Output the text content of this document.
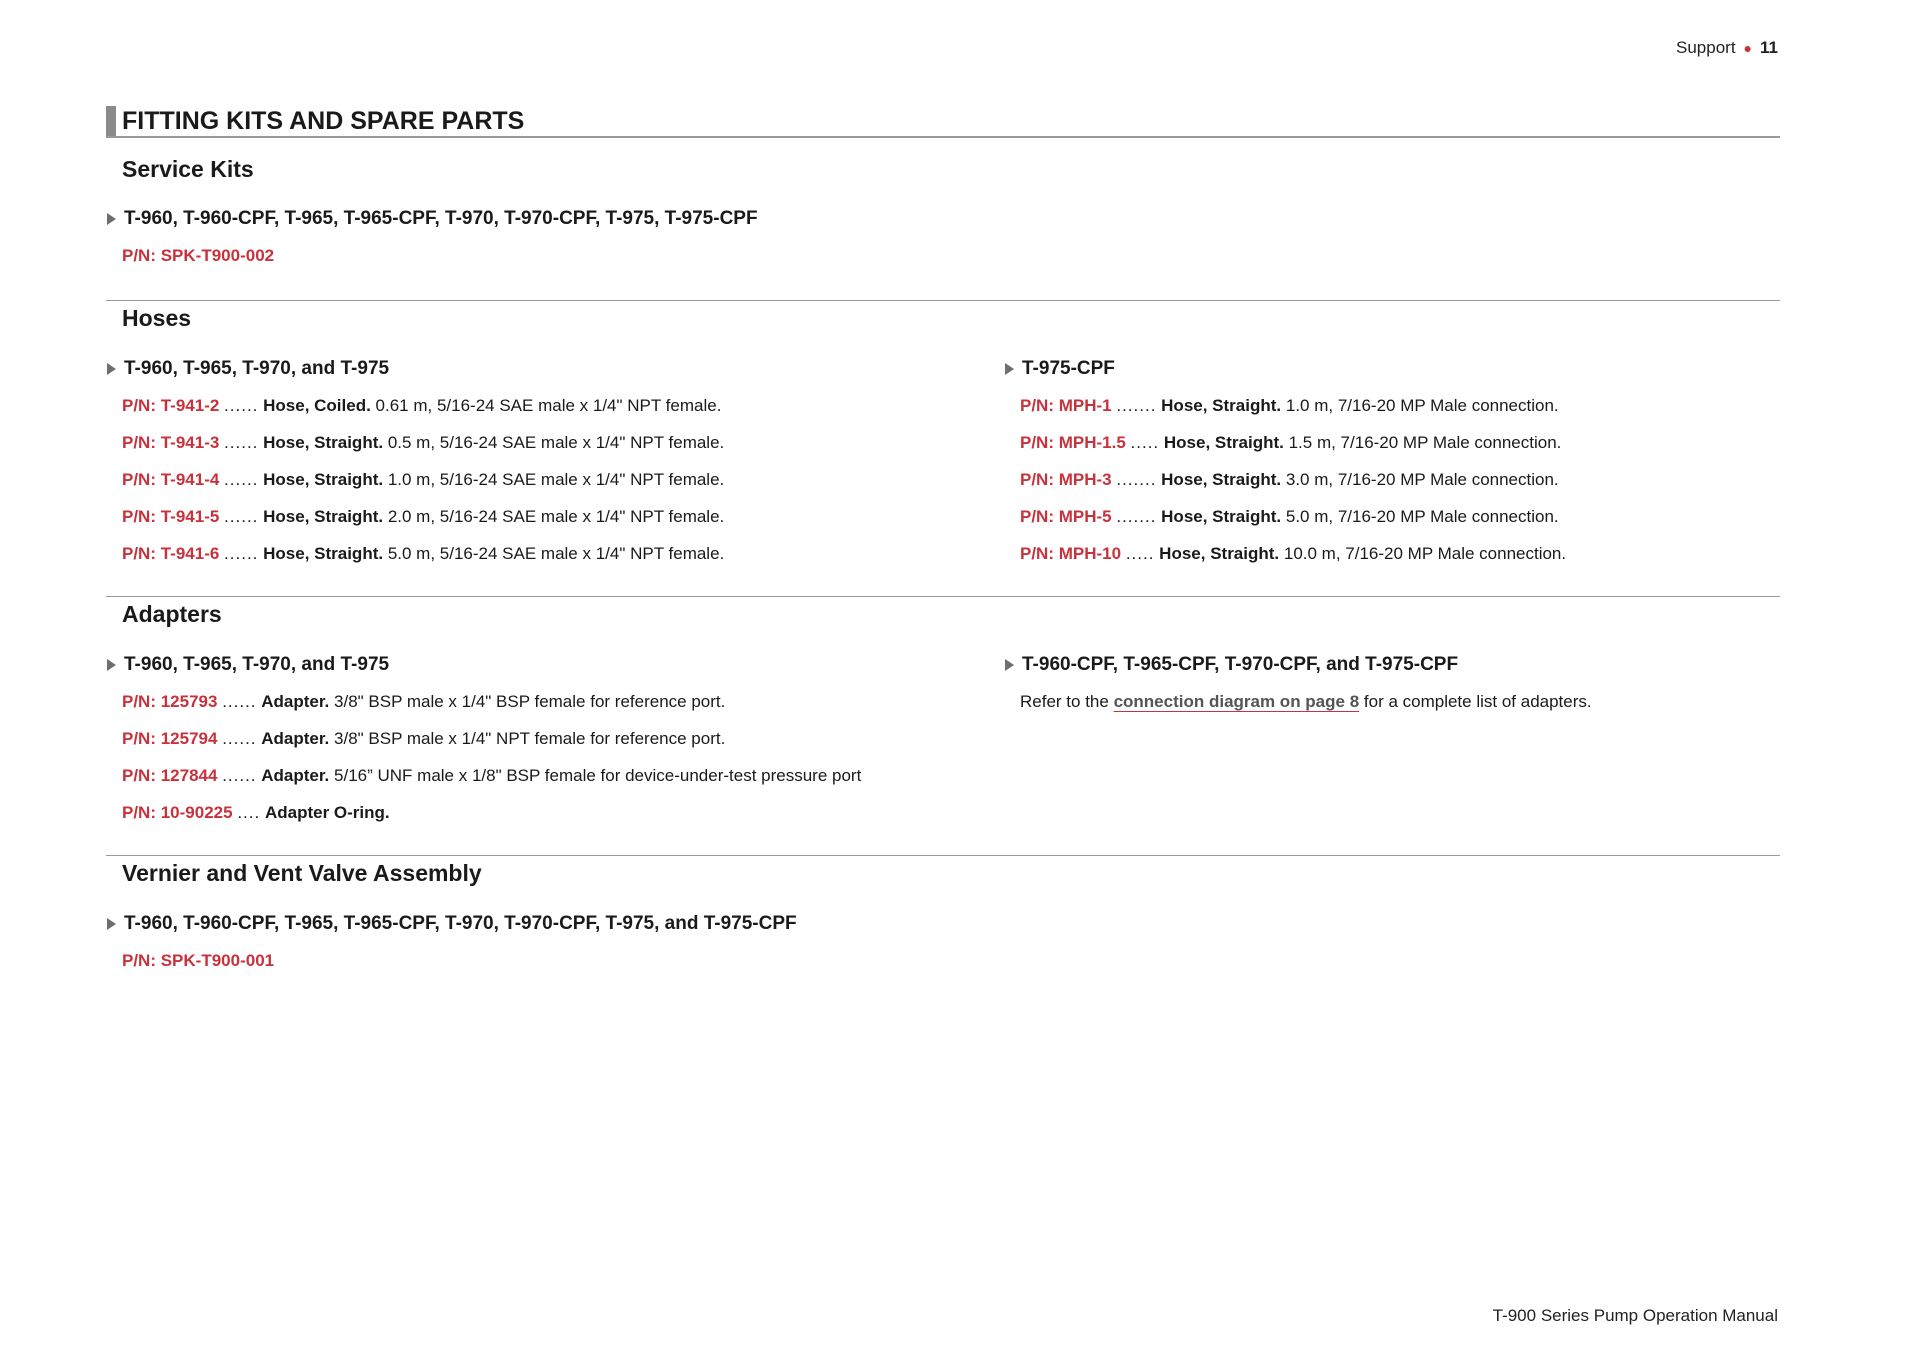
Support ● 11
FITTING KITS AND SPARE PARTS
Service Kits
T-960, T-960-CPF, T-965, T-965-CPF, T-970, T-970-CPF, T-975, T-975-CPF
P/N: SPK-T900-002
Hoses
T-960, T-965, T-970, and T-975
P/N: T-941-2 ...... Hose, Coiled. 0.61 m, 5/16-24 SAE male x 1/4" NPT female.
P/N: T-941-3 ...... Hose, Straight. 0.5 m, 5/16-24 SAE male x 1/4" NPT female.
P/N: T-941-4 ...... Hose, Straight. 1.0 m, 5/16-24 SAE male x 1/4" NPT female.
P/N: T-941-5 ...... Hose, Straight. 2.0 m, 5/16-24 SAE male x 1/4" NPT female.
P/N: T-941-6 ...... Hose, Straight. 5.0 m, 5/16-24 SAE male x 1/4" NPT female.
T-975-CPF
P/N: MPH-1 ....... Hose, Straight. 1.0 m, 7/16-20 MP Male connection.
P/N: MPH-1.5 ..... Hose, Straight. 1.5 m, 7/16-20 MP Male connection.
P/N: MPH-3 ....... Hose, Straight. 3.0 m, 7/16-20 MP Male connection.
P/N: MPH-5 ....... Hose, Straight. 5.0 m, 7/16-20 MP Male connection.
P/N: MPH-10 ..... Hose, Straight. 10.0 m, 7/16-20 MP Male connection.
Adapters
T-960, T-965, T-970, and T-975
P/N: 125793 ...... Adapter. 3/8" BSP male x 1/4" BSP female for reference port.
P/N: 125794 ...... Adapter. 3/8" BSP male x 1/4" NPT female for reference port.
P/N: 127844 ...... Adapter. 5/16” UNF male x 1/8" BSP female for device-under-test pressure port
P/N: 10-90225 .... Adapter O-ring.
T-960-CPF, T-965-CPF, T-970-CPF, and T-975-CPF
Refer to the connection diagram on page 8 for a complete list of adapters.
Vernier and Vent Valve Assembly
T-960, T-960-CPF, T-965, T-965-CPF, T-970, T-970-CPF, T-975, and T-975-CPF
P/N: SPK-T900-001
T-900 Series Pump Operation Manual
